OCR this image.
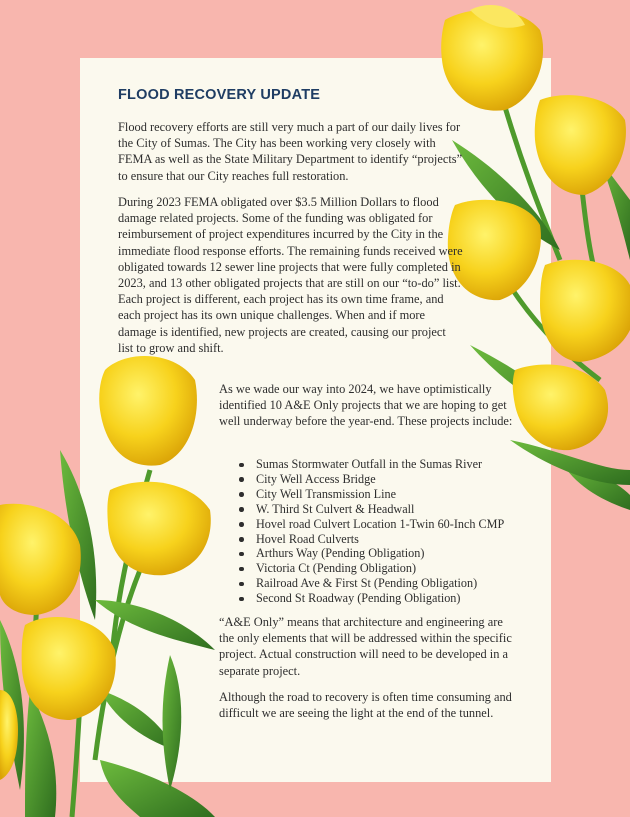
FLOOD RECOVERY UPDATE

Flood recovery efforts are still very much a part of our daily lives for the City of Sumas. The City has been working very closely with FEMA as well as the State Military Department to identify “projects” to ensure that our City reaches full restoration.

During 2023 FEMA obligated over $3.5 Million Dollars to flood damage related projects. Some of the funding was obligated for reimbursement of project expenditures incurred by the City in the immediate flood response efforts. The remaining funds received were obligated towards 12 sewer line projects that were fully completed in 2023, and 13 other obligated projects that are still on our “to-do” list. Each project is different, each project has its own time frame, and each project has its own unique challenges. When and if more damage is identified, new projects are created, causing our project list to grow and shift.

As we wade our way into 2024, we have optimistically identified 10 A&E Only projects that we are hoping to get well underway before the year-end. These projects include:

Sumas Stormwater Outfall in the Sumas River
City Well Access Bridge
City Well Transmission Line
W. Third St Culvert & Headwall
Hovel road Culvert Location 1-Twin 60-Inch CMP
Hovel Road Culverts
Arthurs Way (Pending Obligation)
Victoria Ct (Pending Obligation)
Railroad Ave & First St (Pending Obligation)
Second St Roadway (Pending Obligation)

“A&E Only” means that architecture and engineering are the only elements that will be addressed within the specific project. Actual construction will need to be developed in a separate project.

Although the road to recovery is often time consuming and difficult we are seeing the light at the end of the tunnel.
